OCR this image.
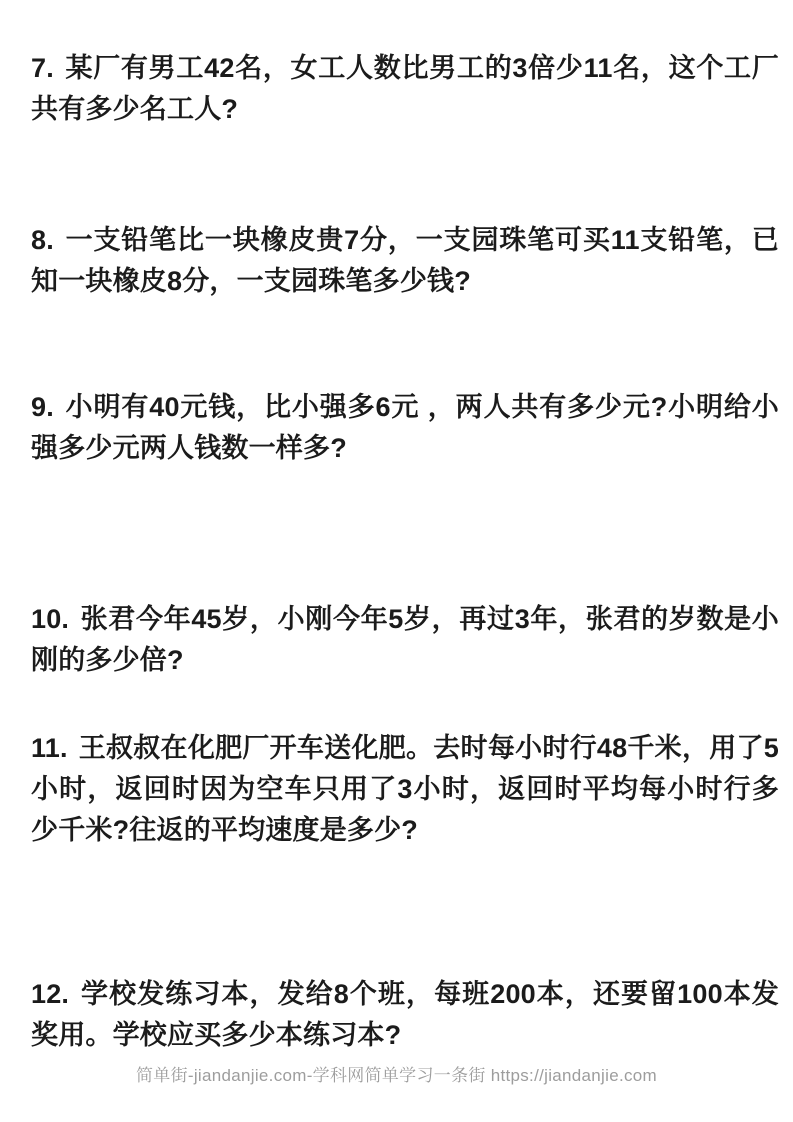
7. 某厂有男工42名，女工人数比男工的3倍少11名，这个工厂共有多少名工人?
8. 一支铅笔比一块橡皮贵7分，一支园珠笔可买11支铅笔，已知一块橡皮8分，一支园珠笔多少钱?
9. 小明有40元钱，比小强多6元 ，两人共有多少元?小明给小强多少元两人钱数一样多?
10. 张君今年45岁，小刚今年5岁，再过3年，张君的岁数是小刚的多少倍?
11. 王叔叔在化肥厂开车送化肥。去时每小时行48千米，用了5小时，返回时因为空车只用了3小时，返回时平均每小时行多少千米?往返的平均速度是多少?
12. 学校发练习本，发给8个班，每班200本，还要留100本发奖用。学校应买多少本练习本?
简单街-jiandanjie.com-学科网简单学习一条街 https://jiandanjie.com
